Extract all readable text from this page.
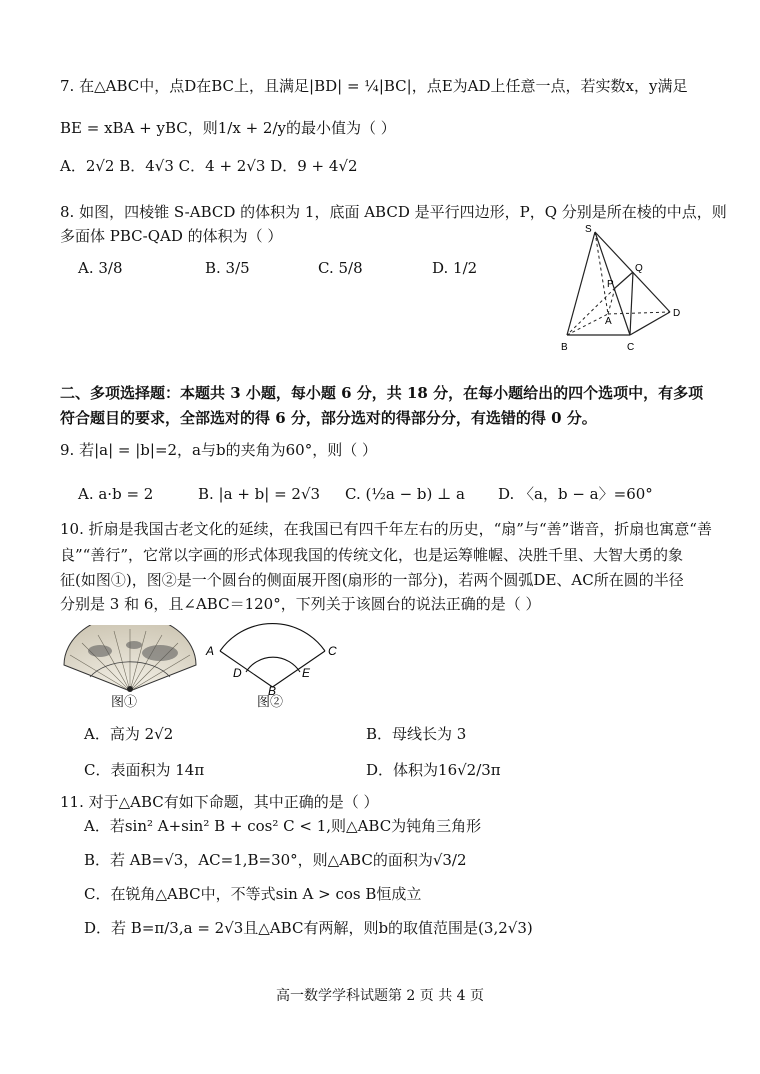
7. 在△ABC中，点D在BC上，且满足|BD| = ¼|BC|，点E为AD上任意一点，若实数x，y满足
BE = xBA + yBC，则1/x + 2/y的最小值为（ ）
A．2√2 B．4√3 C．4 + 2√3 D．9 + 4√2
8. 如图，四棱锥 S-ABCD 的体积为 1，底面 ABCD 是平行四边形，P，Q 分别是所在棱的中点，则
多面体 PBC-QAD 的体积为（ ）
A. 3/8	B. 3/5	C. 5/8	D. 1/2
S
Q
P
A
D
B	C
二、多项选择题：本题共 3 小题，每小题 6 分，共 18 分，在每小题给出的四个选项中，有多项
符合题目的要求，全部选对的得 6 分，部分选对的得部分分，有选错的得 0 分。
9. 若|a| = |b|=2，a与b的夹角为60°，则（ ）
A. a·b = 2	B. |a + b| = 2√3 C. (½a − b) ⊥ a D. 〈a，b − a〉=60°
10. 折扇是我国古老文化的延续，在我国已有四千年左右的历史，“扇”与“善”谐音，折扇也寓意“善
良”“善行”，它常以字画的形式体现我国的传统文化，也是运筹帷幄、决胜千里、大智大勇的象
征(如图①)，图②是一个圆台的侧面展开图(扇形的一部分)，若两个圆弧DE、AC所在圆的半径
分别是 3 和 6，且∠ABC＝120°，下列关于该圆台的说法正确的是（ ）
图①
A	C
D	E
B
图②
A．高为 2√2	B．母线长为 3
C．表面积为 14π	D．体积为16√2/3π
11. 对于△ABC有如下命题，其中正确的是（ ）
A．若sin² A+sin² B + cos² C < 1,则△ABC为钝角三角形
B．若 AB=√3，AC=1,B=30°，则△ABC的面积为√3/2
C．在锐角△ABC中，不等式sin A > cos B恒成立
D．若 B=π/3,a = 2√3且△ABC有两解，则b的取值范围是(3,2√3)
高一数学学科试题第 2 页 共 4 页
